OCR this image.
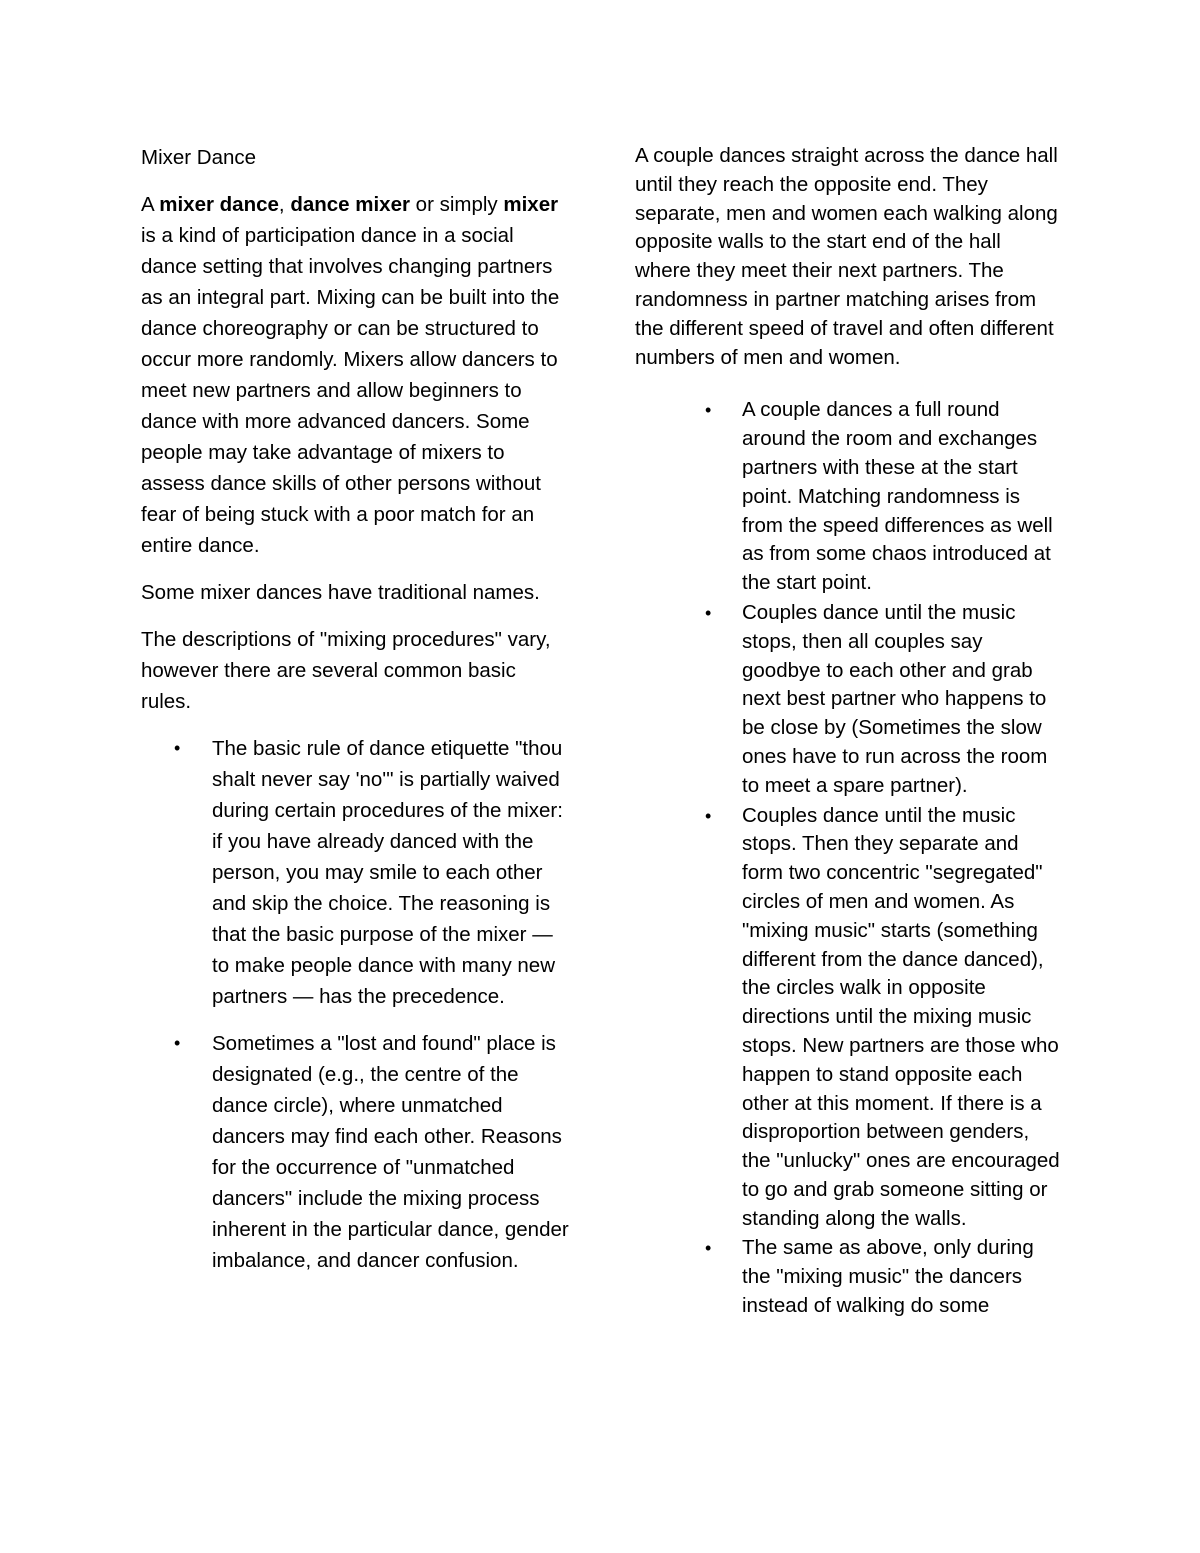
Mixer Dance

A mixer dance, dance mixer or simply mixer is a kind of participation dance in a social dance setting that involves changing partners as an integral part. Mixing can be built into the dance choreography or can be structured to occur more randomly. Mixers allow dancers to meet new partners and allow beginners to dance with more advanced dancers. Some people may take advantage of mixers to assess dance skills of other persons without fear of being stuck with a poor match for an entire dance.

Some mixer dances have traditional names.

The descriptions of "mixing procedures" vary, however there are several common basic rules.

• The basic rule of dance etiquette "thou shalt never say 'no'" is partially waived during certain procedures of the mixer: if you have already danced with the person, you may smile to each other and skip the choice. The reasoning is that the basic purpose of the mixer — to make people dance with many new partners — has the precedence.
• Sometimes a "lost and found" place is designated (e.g., the centre of the dance circle), where unmatched dancers may find each other. Reasons for the occurrence of "unmatched dancers" include the mixing process inherent in the particular dance, gender imbalance, and dancer confusion.

A couple dances straight across the dance hall until they reach the opposite end. They separate, men and women each walking along opposite walls to the start end of the hall where they meet their next partners. The randomness in partner matching arises from the different speed of travel and often different numbers of men and women.

• A couple dances a full round around the room and exchanges partners with these at the start point. Matching randomness is from the speed differences as well as from some chaos introduced at the start point.
• Couples dance until the music stops, then all couples say goodbye to each other and grab next best partner who happens to be close by (Sometimes the slow ones have to run across the room to meet a spare partner).
• Couples dance until the music stops. Then they separate and form two concentric "segregated" circles of men and women. As "mixing music" starts (something different from the dance danced), the circles walk in opposite directions until the mixing music stops. New partners are those who happen to stand opposite each other at this moment. If there is a disproportion between genders, the "unlucky" ones are encouraged to go and grab someone sitting or standing along the walls.
• The same as above, only during the "mixing music" the dancers instead of walking do some
